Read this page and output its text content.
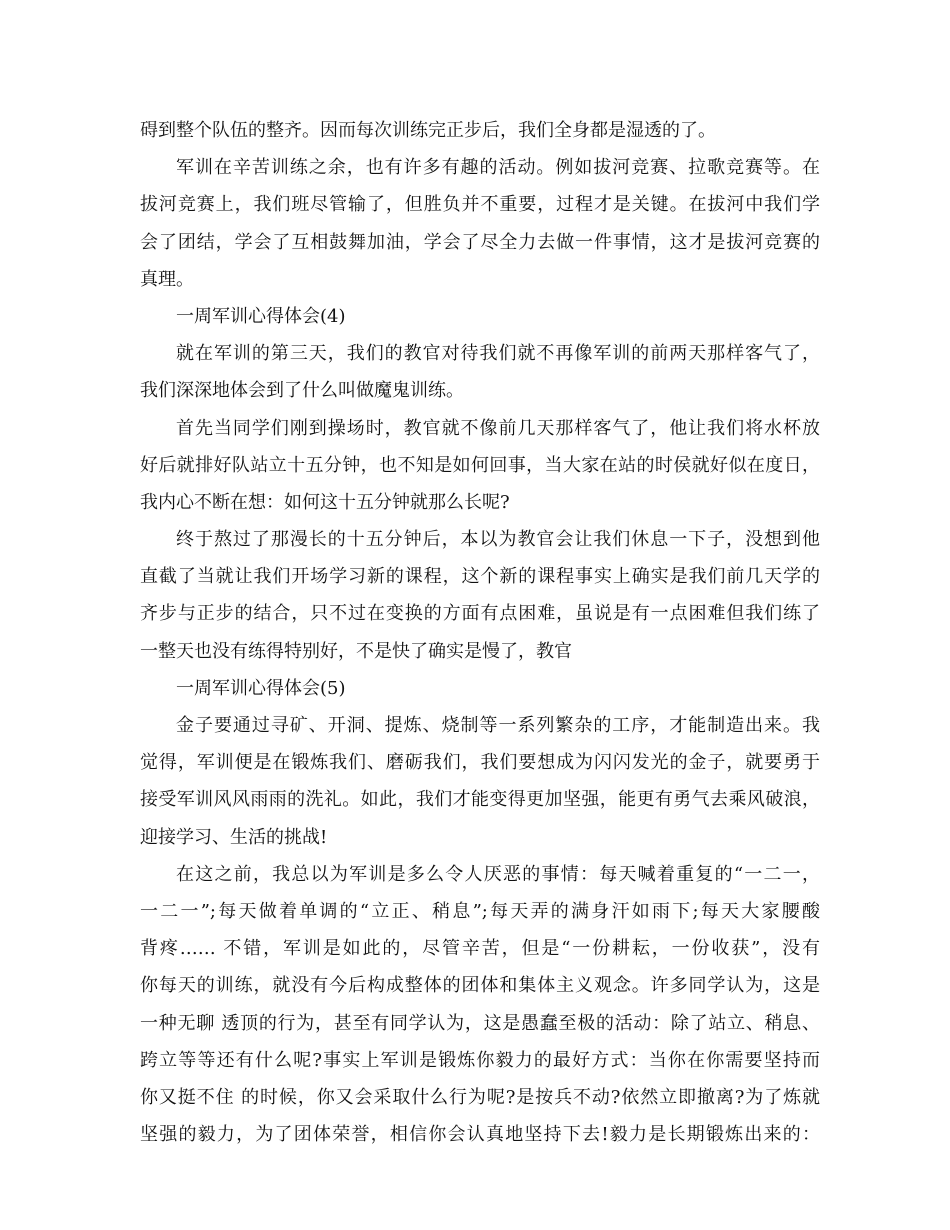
碍到整个队伍的整齐。因而每次训练完正步后，我们全身都是湿透的了。
军训在辛苦训练之余，也有许多有趣的活动。例如拔河竞赛、拉歌竞赛等。在
拔河竞赛上，我们班尽管输了，但胜负并不重要，过程才是关键。在拔河中我们学
会了团结，学会了互相鼓舞加油，学会了尽全力去做一件事情，这才是拔河竞赛的
真理。
一周军训心得体会(4)
就在军训的第三天，我们的教官对待我们就不再像军训的前两天那样客气了，
我们深深地体会到了什么叫做魔鬼训练。
首先当同学们刚到操场时，教官就不像前几天那样客气了，他让我们将水杯放
好后就排好队站立十五分钟，也不知是如何回事，当大家在站的时侯就好似在度日，
我内心不断在想：如何这十五分钟就那么长呢?
终于熬过了那漫长的十五分钟后，本以为教官会让我们休息一下子，没想到他
直截了当就让我们开场学习新的课程，这个新的课程事实上确实是我们前几天学的
齐步与正步的结合，只不过在变换的方面有点困难，虽说是有一点困难但我们练了
一整天也没有练得特别好，不是快了确实是慢了，教官
一周军训心得体会(5)
金子要通过寻矿、开洞、提炼、烧制等一系列繁杂的工序，才能制造出来。我
觉得，军训便是在锻炼我们、磨砺我们，我们要想成为闪闪发光的金子，就要勇于
接受军训风风雨雨的洗礼。如此，我们才能变得更加坚强，能更有勇气去乘风破浪，
迎接学习、生活的挑战!
在这之前，我总以为军训是多么令人厌恶的事情：每天喊着重复的“一二一，
一二一”;每天做着单调的“立正、稍息”;每天弄的满身汗如雨下;每天大家腰酸
背疼…… 不错，军训是如此的，尽管辛苦，但是“一份耕耘，一份收获”，没有
你每天的训练，就没有今后构成整体的团体和集体主义观念。许多同学认为，这是
一种无聊 透顶的行为，甚至有同学认为，这是愚蠢至极的活动：除了站立、稍息、
跨立等等还有什么呢?事实上军训是锻炼你毅力的最好方式：当你在你需要坚持而
你又挺不住 的时候，你又会采取什么行为呢?是按兵不动?依然立即撤离?为了炼就
坚强的毅力，为了团体荣誉，相信你会认真地坚持下去!毅力是长期锻炼出来的：
